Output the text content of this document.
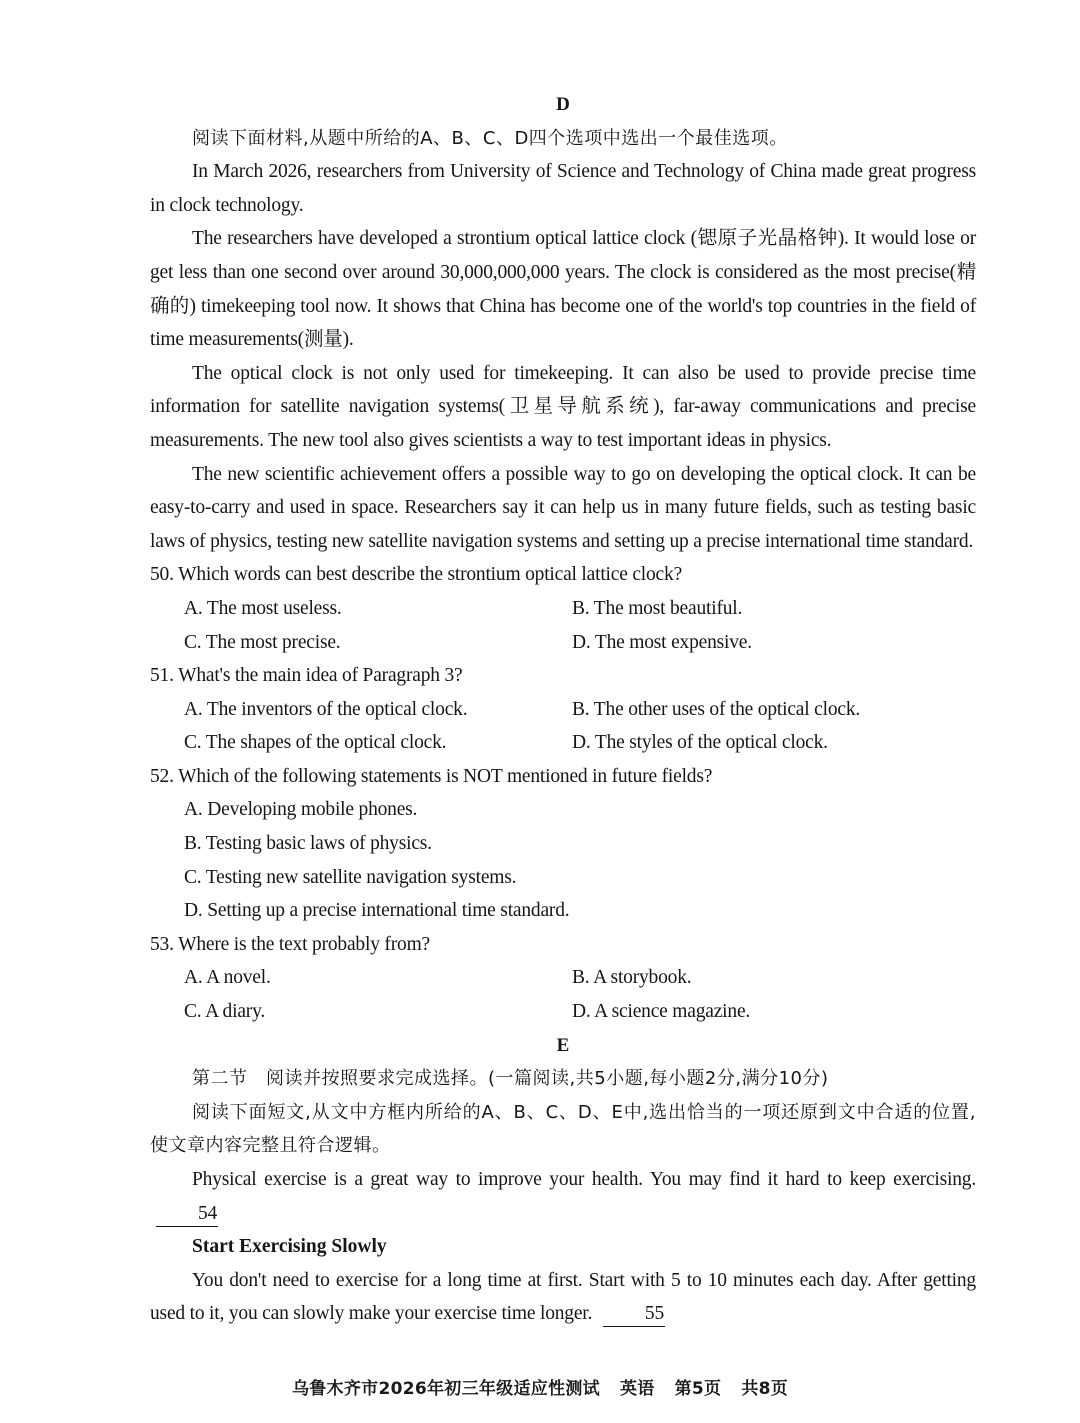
D
阅读下面材料,从题中所给的A、B、C、D四个选项中选出一个最佳选项。
In March 2026, researchers from University of Science and Technology of China made great progress in clock technology.
The researchers have developed a strontium optical lattice clock (锶原子光晶格钟). It would lose or get less than one second over around 30,000,000,000 years. The clock is considered as the most precise(精确的) timekeeping tool now. It shows that China has become one of the world's top countries in the field of time measurements(测量).
The optical clock is not only used for timekeeping. It can also be used to provide precise time information for satellite navigation systems(卫星导航系统), far-away communications and precise measurements. The new tool also gives scientists a way to test important ideas in physics.
The new scientific achievement offers a possible way to go on developing the optical clock. It can be easy-to-carry and used in space. Researchers say it can help us in many future fields, such as testing basic laws of physics, testing new satellite navigation systems and setting up a precise international time standard.
50. Which words can best describe the strontium optical lattice clock?
A. The most useless.	B. The most beautiful.
C. The most precise.	D. The most expensive.
51. What's the main idea of Paragraph 3?
A. The inventors of the optical clock.	B. The other uses of the optical clock.
C. The shapes of the optical clock.	D. The styles of the optical clock.
52. Which of the following statements is NOT mentioned in future fields?
A. Developing mobile phones.
B. Testing basic laws of physics.
C. Testing new satellite navigation systems.
D. Setting up a precise international time standard.
53. Where is the text probably from?
A. A novel.	B. A storybook.
C. A diary.	D. A science magazine.
E
第二节　阅读并按照要求完成选择。(一篇阅读,共5小题,每小题2分,满分10分)
阅读下面短文,从文中方框内所给的A、B、C、D、E中,选出恰当的一项还原到文中合适的位置,使文章内容完整且符合逻辑。
Physical exercise is a great way to improve your health. You may find it hard to keep exercising. 54
Start Exercising Slowly
You don't need to exercise for a long time at first. Start with 5 to 10 minutes each day. After getting used to it, you can slowly make your exercise time longer.	55
乌鲁木齐市2026年初三年级适应性测试 英语 第5页 共8页
